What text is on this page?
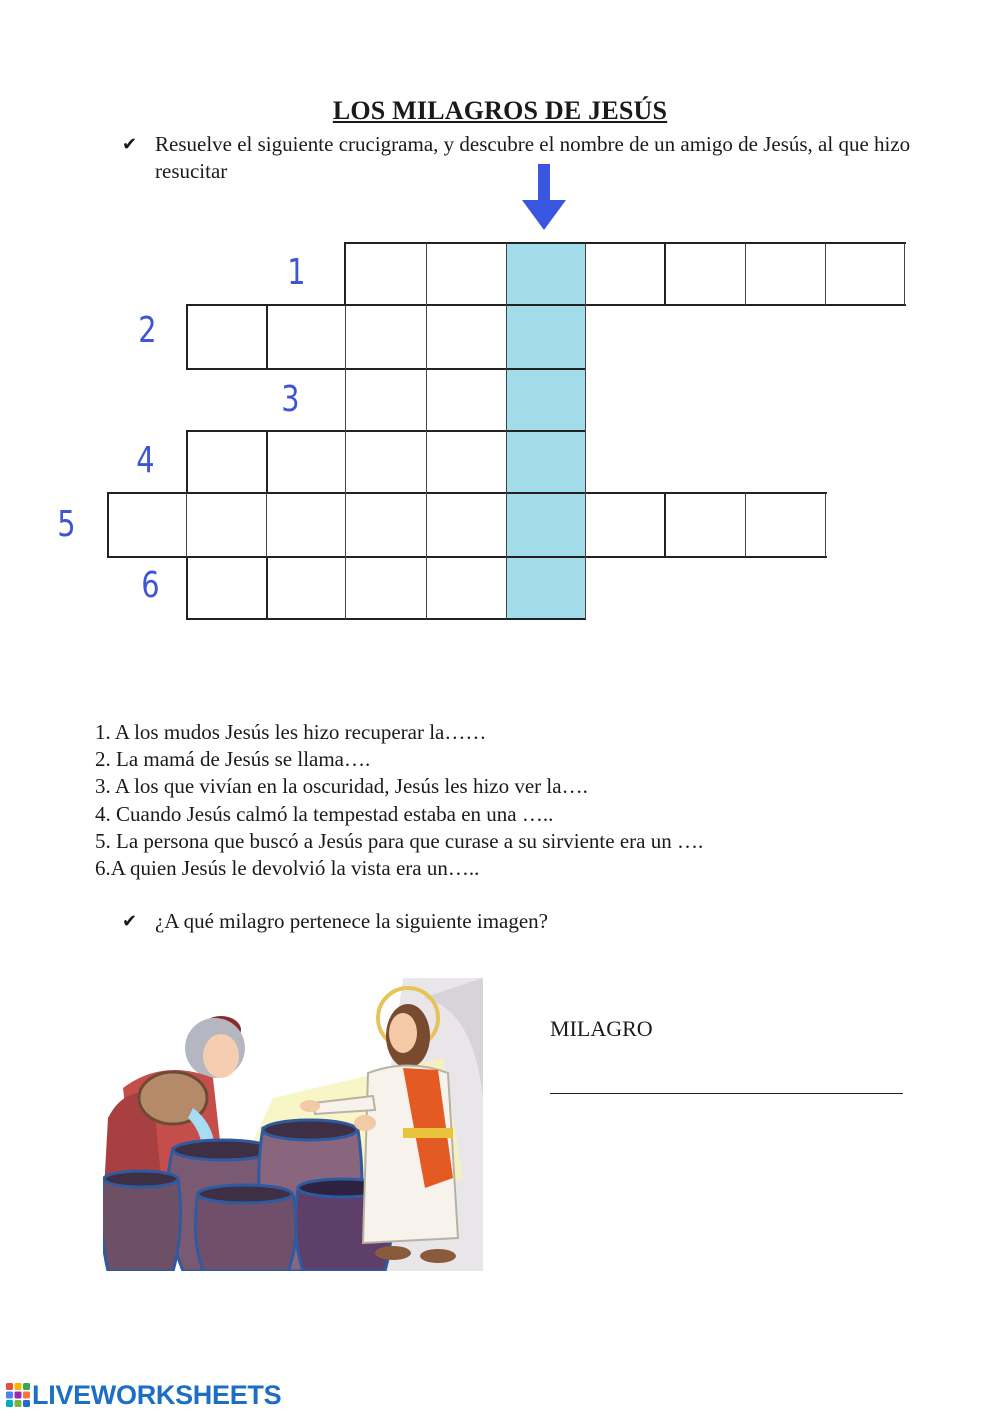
LOS MILAGROS DE JESÚS
✔ Resuelve el siguiente crucigrama, y descubre el nombre de un amigo de Jesús, al que hizo resucitar
1
2
3
4
5
6
1. A los mudos Jesús les hizo recuperar la……
2. La mamá de Jesús se llama….
3. A los que vivían en la oscuridad, Jesús les hizo ver la….
4. Cuando Jesús calmó la tempestad estaba en una …..
5. La persona que buscó a Jesús para que curase a su sirviente era un ….
6.A quien Jesús le devolvió la vista era un…..
✔ ¿A qué milagro pertenece la siguiente imagen?
MILAGRO
LIVEWORKSHEETS
